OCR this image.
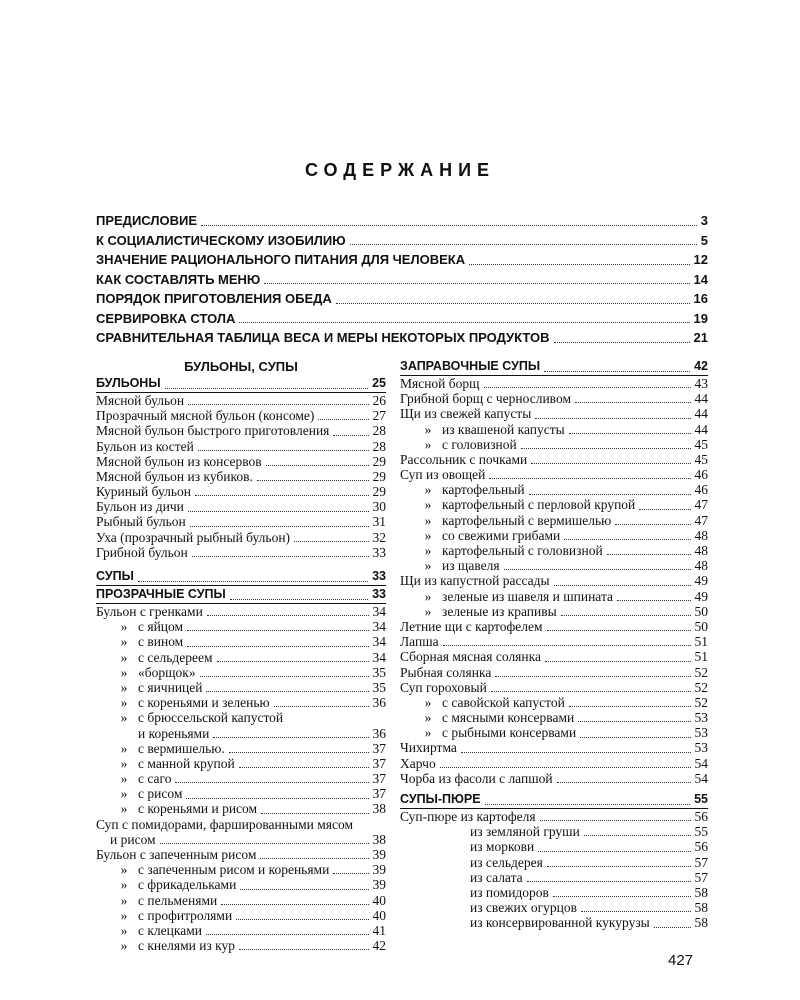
СОДЕРЖАНИЕ
ПРЕДИСЛОВИЕ	3
К СОЦИАЛИСТИЧЕСКОМУ ИЗОБИЛИЮ	5
ЗНАЧЕНИЕ РАЦИОНАЛЬНОГО ПИТАНИЯ ДЛЯ ЧЕЛОВЕКА	12
КАК СОСТАВЛЯТЬ МЕНЮ	14
ПОРЯДОК ПРИГОТОВЛЕНИЯ ОБЕДА	16
СЕРВИРОВКА СТОЛА	19
СРАВНИТЕЛЬНАЯ ТАБЛИЦА ВЕСА И МЕРЫ НЕКОТОРЫХ ПРОДУКТОВ	21
БУЛЬОНЫ, СУПЫ
БУЛЬОНЫ	25
Мясной бульон	26
Прозрачный мясной бульон (консоме)	27
Мясной бульон быстрого приготовления	28
Бульон из костей	28
Мясной бульон из консервов	29
Мясной бульон из кубиков.	29
Куриный бульон	29
Бульон из дичи	30
Рыбный бульон	31
Уха (прозрачный рыбный бульон)	32
Грибной бульон	33
СУПЫ	33
ПРОЗРАЧНЫЕ СУПЫ	33
Бульон с гренками	34
» с яйцом	34
» с вином	34
» с сельдереем	34
» «борщок»	35
» с яичницей	35
» с кореньями и зеленью	36
» с брюссельской капустой
и кореньями	36
» с вермишелью.	37
» с манной крупой	37
» с саго	37
» с рисом	37
» с кореньями и рисом	38
Суп с помидорами, фаршированными мясом
и рисом	38
Бульон с запеченным рисом	39
» с запеченным рисом и кореньями	39
» с фрикадельками	39
» с пельменями	40
» с профитролями	40
» с клецками	41
» с кнелями из кур	42
ЗАПРАВОЧНЫЕ СУПЫ	42
Мясной борщ	43
Грибной борщ с черносливом	44
Щи из свежей капусты	44
» из квашеной капусты	44
» с головизной	45
Рассольник с почками	45
Суп из овощей	46
» картофельный	46
» картофельный с перловой крупой	47
» картофельный с вермишелью	47
» со свежими грибами	48
» картофельный с головизной	48
» из щавеля	48
Щи из капустной рассады	49
» зеленые из шавеля и шпината	49
» зеленые из крапивы	50
Летние щи с картофелем	50
Лапша	51
Сборная мясная солянка	51
Рыбная солянка	52
Суп гороховый	52
» с савойской капустой	52
» с мясными консервами	53
» с рыбными консервами	53
Чихиртма	53
Харчо	54
Чорба из фасоли с лапшой	54
СУПЫ-ПЮРЕ	55
Суп-пюре из картофеля	56
из земляной груши	55
из моркови	56
из сельдерея	57
из салата	57
из помидоров	58
из свежих огурцов	58
из консервированной кукурузы	58
427
